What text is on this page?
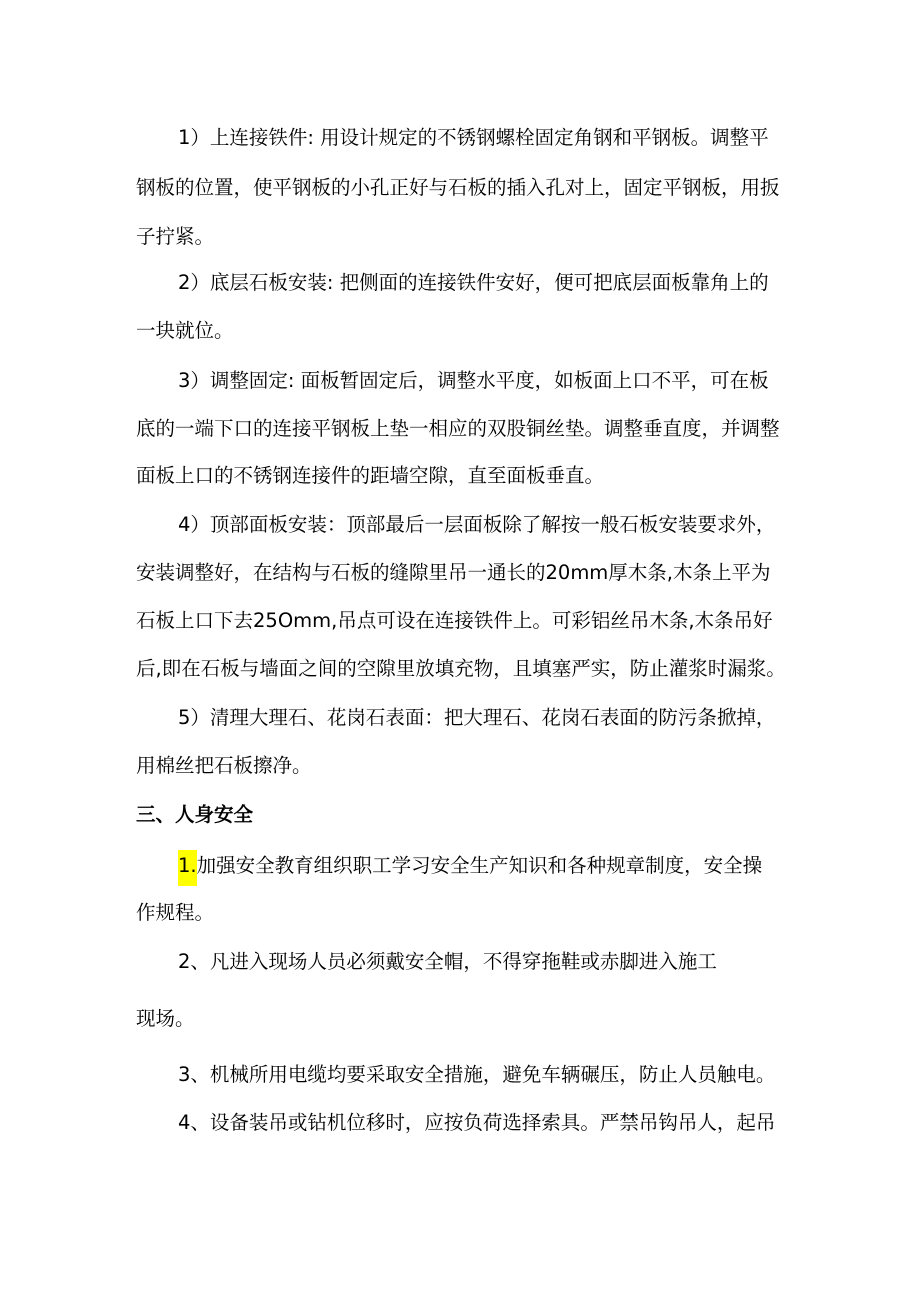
1）上连接铁件: 用设计规定的不锈钢螺栓固定角钢和平钢板。调整平
钢板的位置，使平钢板的小孔正好与石板的插入孔对上，固定平钢板，用扳
子拧紧。
2）底层石板安装: 把侧面的连接铁件安好，便可把底层面板靠角上的
一块就位。
3）调整固定: 面板暂固定后，调整水平度，如板面上口不平，可在板
底的一端下口的连接平钢板上垫一相应的双股铜丝垫。调整垂直度，并调整
面板上口的不锈钢连接件的距墙空隙，直至面板垂直。
4）顶部面板安装：顶部最后一层面板除了解按一般石板安装要求外，
安装调整好，在结构与石板的缝隙里吊一通长的20mm厚木条,木条上平为
石板上口下去25Omm,吊点可设在连接铁件上。可彩铝丝吊木条,木条吊好
后,即在石板与墙面之间的空隙里放填充物，且填塞严实，防止灌浆时漏浆。
5）清理大理石、花岗石表面：把大理石、花岗石表面的防污条掀掉，
用棉丝把石板擦净。
三、人身安全
1.加强安全教育组织职工学习安全生产知识和各种规章制度，安全操
作规程。
2、凡进入现场人员必须戴安全帽，不得穿拖鞋或赤脚进入施工
现场。
3、机械所用电缆均要采取安全措施，避免车辆碾压，防止人员触电。
4、设备装吊或钻机位移时，应按负荷选择索具。严禁吊钩吊人，起吊
